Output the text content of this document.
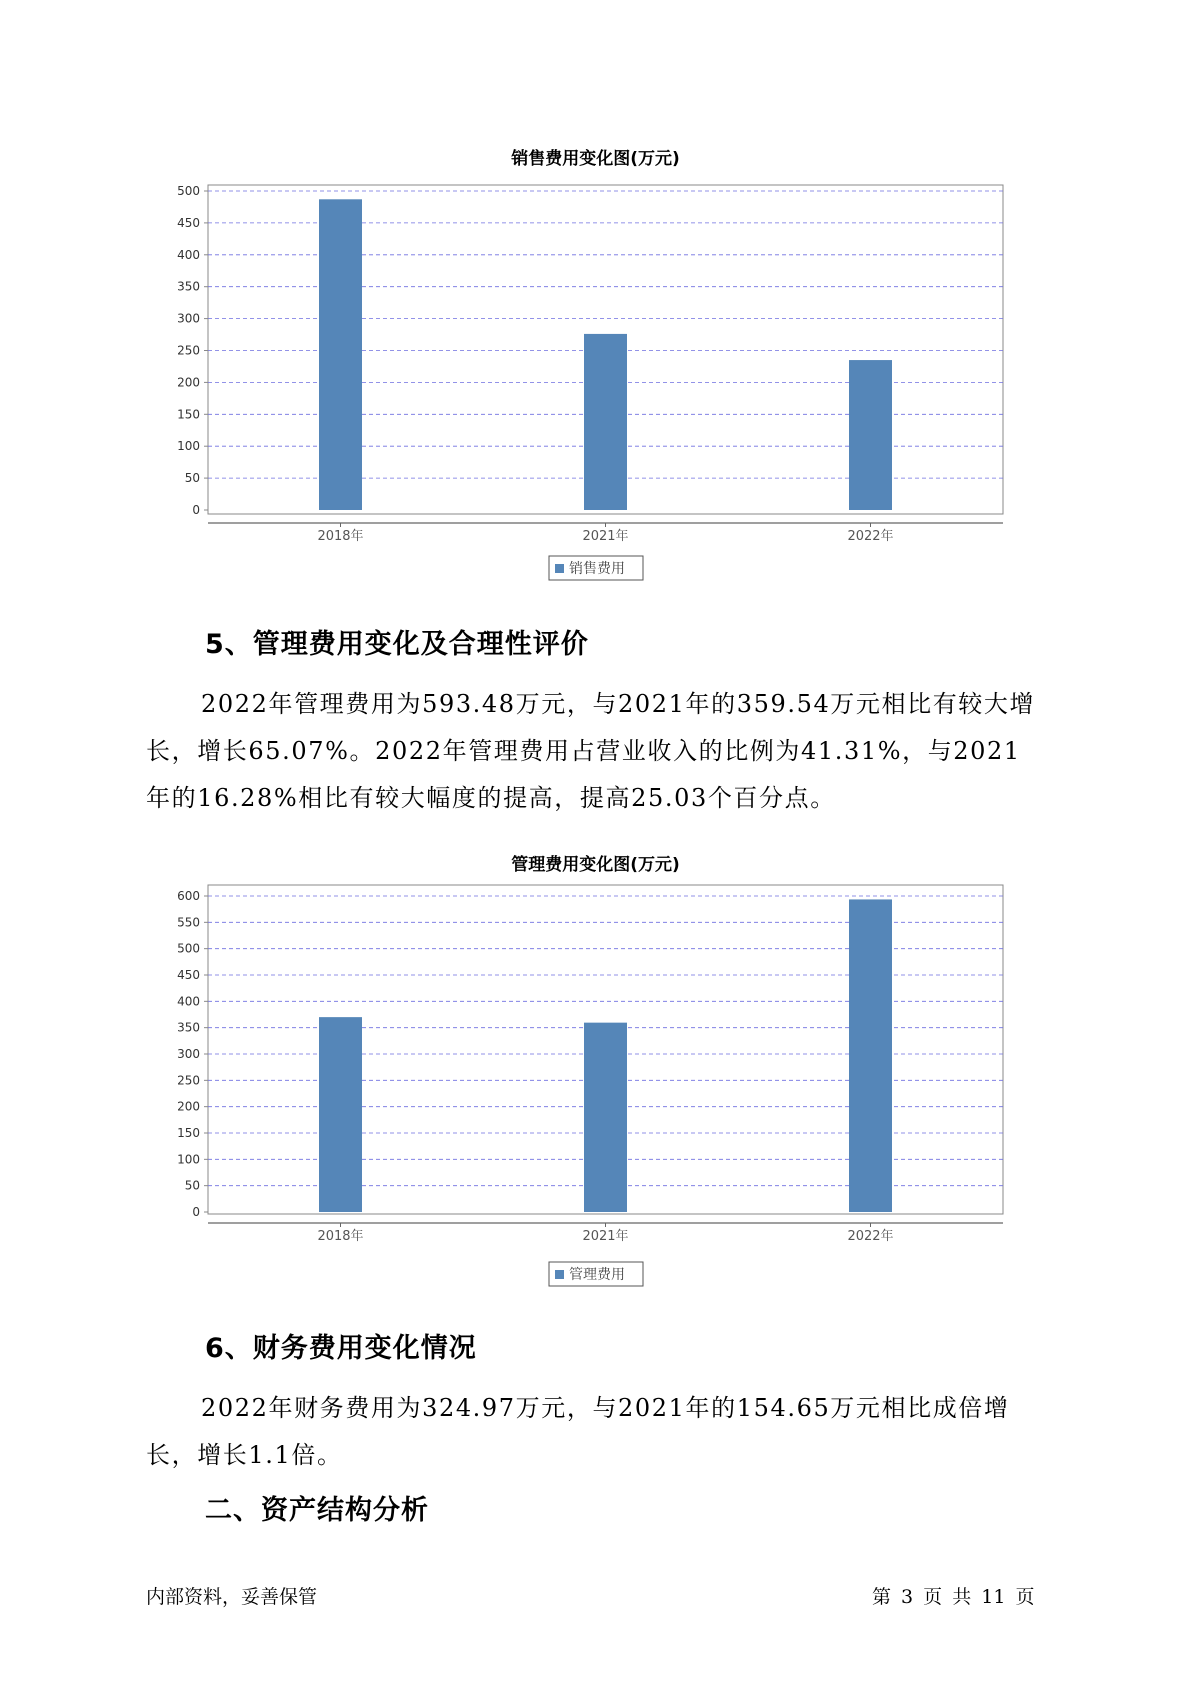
销售费用变化图(万元)
0
50
100
150
200
250
300
350
400
450
500
2018年	2021年	2022年
销售费用
5、管理费用变化及合理性评价
2022年管理费用为593.48万元，与2021年的359.54万元相比有较大增长，增长65.07%。2022年管理费用占营业收入的比例为41.31%，与2021年的16.28%相比有较大幅度的提高，提高25.03个百分点。
管理费用变化图(万元)
0
50
100
150
200
250
300
350
400
450
500
550
600
2018年	2021年	2022年
管理费用
6、财务费用变化情况
2022年财务费用为324.97万元，与2021年的154.65万元相比成倍增长，增长1.1倍。
二、资产结构分析
内部资料，妥善保管	第 3 页 共 11 页
